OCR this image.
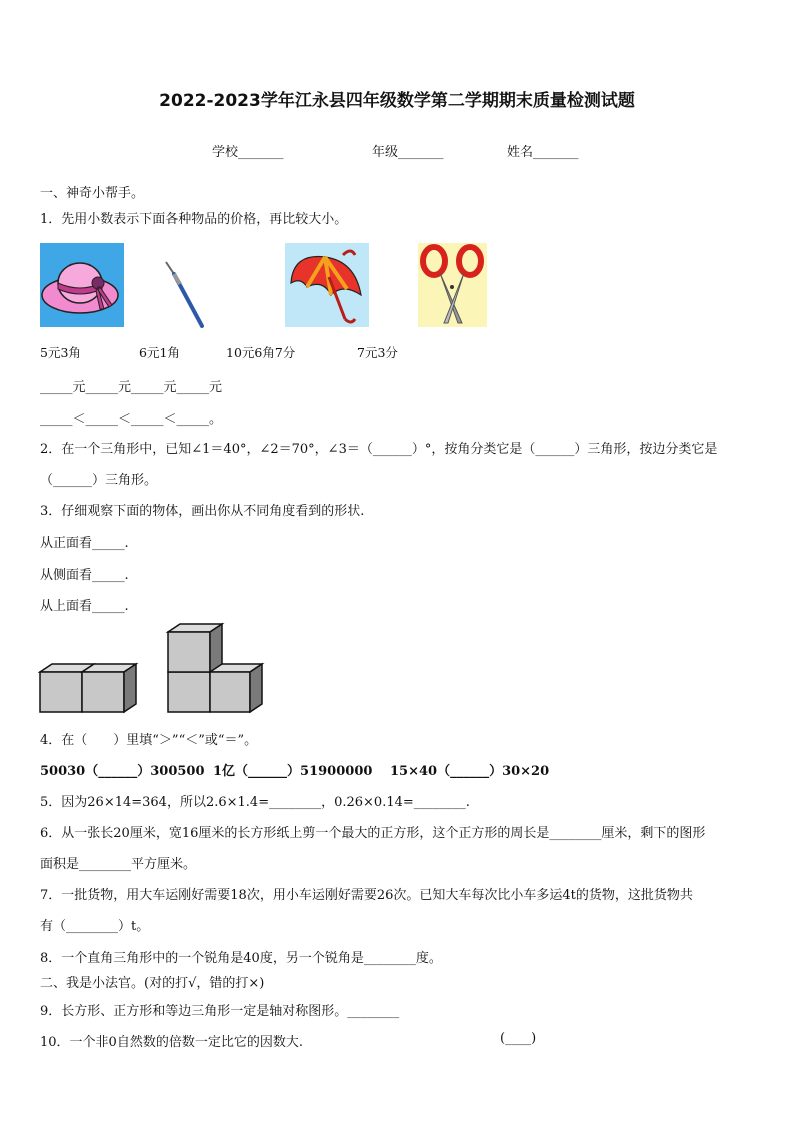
2022-2023学年江永县四年级数学第二学期期末质量检测试题
学校_______	年级_______	姓名_______
一、神奇小帮手。
1．先用小数表示下面各种物品的价格，再比较大小。
5元3角	6元1角	10元6角7分	7元3分
_____元_____元_____元_____元
_____＜_____＜_____＜_____。
2．在一个三角形中，已知∠1＝40°，∠2＝70°，∠3＝（______）°，按角分类它是（______）三角形，按边分类它是
（______）三角形。
3．仔细观察下面的物体，画出你从不同角度看到的形状.
从正面看_____.
从侧面看_____.
从上面看_____.
4．在（　　）里填“＞”“＜”或“＝”。
50030（______）300500 1亿（______）51900000 15×40（______）30×20
5．因为26×14=364，所以2.6×1.4=________，0.26×0.14=________.
6．从一张长20厘米，宽16厘米的长方形纸上剪一个最大的正方形，这个正方形的周长是________厘米，剩下的图形
面积是________平方厘米。
7．一批货物，用大车运刚好需要18次，用小车运刚好需要26次。已知大车每次比小车多运4t的货物，这批货物共
有（________）t。
8．一个直角三角形中的一个锐角是40度，另一个锐角是________度。
二、我是小法官。(对的打√，错的打×)
9．长方形、正方形和等边三角形一定是轴对称图形。________
10．一个非0自然数的倍数一定比它的因数大.	(____)
